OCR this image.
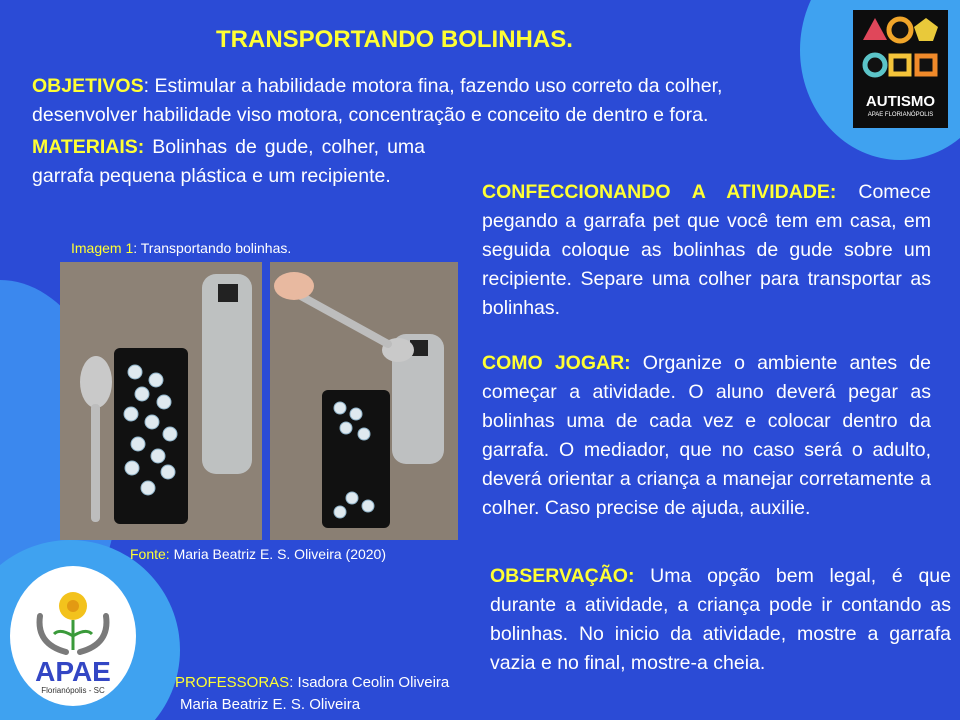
TRANSPORTANDO BOLINHAS.
OBJETIVOS: Estimular a habilidade motora fina, fazendo uso correto da colher, desenvolver habilidade viso motora, concentração e conceito de dentro e fora.
MATERIAIS: Bolinhas de gude, colher, uma garrafa pequena plástica e um recipiente.
Imagem 1: Transportando bolinhas.
Fonte: Maria Beatriz E. S. Oliveira (2020)
CONFECCIONANDO A ATIVIDADE: Comece pegando a garrafa pet que você tem em casa, em seguida coloque as bolinhas de gude sobre um recipiente. Separe uma colher para transportar as bolinhas.
COMO JOGAR: Organize o ambiente antes de começar a atividade. O aluno deverá pegar as bolinhas uma de cada vez e colocar dentro da garrafa. O mediador, que no caso será o adulto, deverá orientar a criança a manejar corretamente a colher. Caso precise de ajuda, auxilie.
OBSERVAÇÃO: Uma opção bem legal, é que durante a atividade, a criança pode ir contando as bolinhas. No inicio da atividade, mostre a garrafa vazia e no final, mostre-a cheia.
PROFESSORAS: Isadora Ceolin Oliveira
Maria Beatriz E. S. Oliveira
AUTISMO
APAE FLORIANÓPOLIS
APAE
Florianópolis - SC
